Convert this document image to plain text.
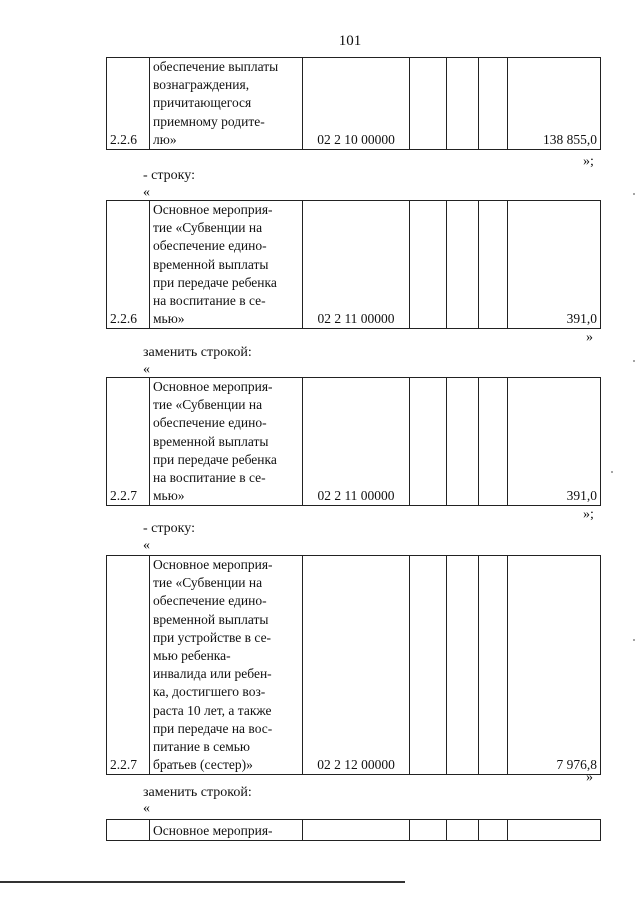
101
2.2.6	обеспечение выплаты
вознаграждения,
причитающегося
приемному родите-
лю»	02 2 10 00000				138 855,0
»;
- строку:
«
2.2.6	Основное мероприя-
тие «Субвенции на
обеспечение едино-
временной выплаты
при передаче ребенка
на воспитание в се-
мью»	02 2 11 00000				391,0
»
заменить строкой:
«
2.2.7	Основное мероприя-
тие «Субвенции на
обеспечение едино-
временной выплаты
при передаче ребенка
на воспитание в се-
мью»	02 2 11 00000				391,0
»;
- строку:
«
2.2.7	Основное мероприя-
тие «Субвенции на
обеспечение едино-
временной выплаты
при устройстве в се-
мью ребенка-
инвалида или ребен-
ка, достигшего воз-
раста 10 лет, а также
при передаче на вос-
питание в семью
братьев (сестер)»	02 2 12 00000				7 976,8
»
заменить строкой:
«
	Основное мероприя-					
